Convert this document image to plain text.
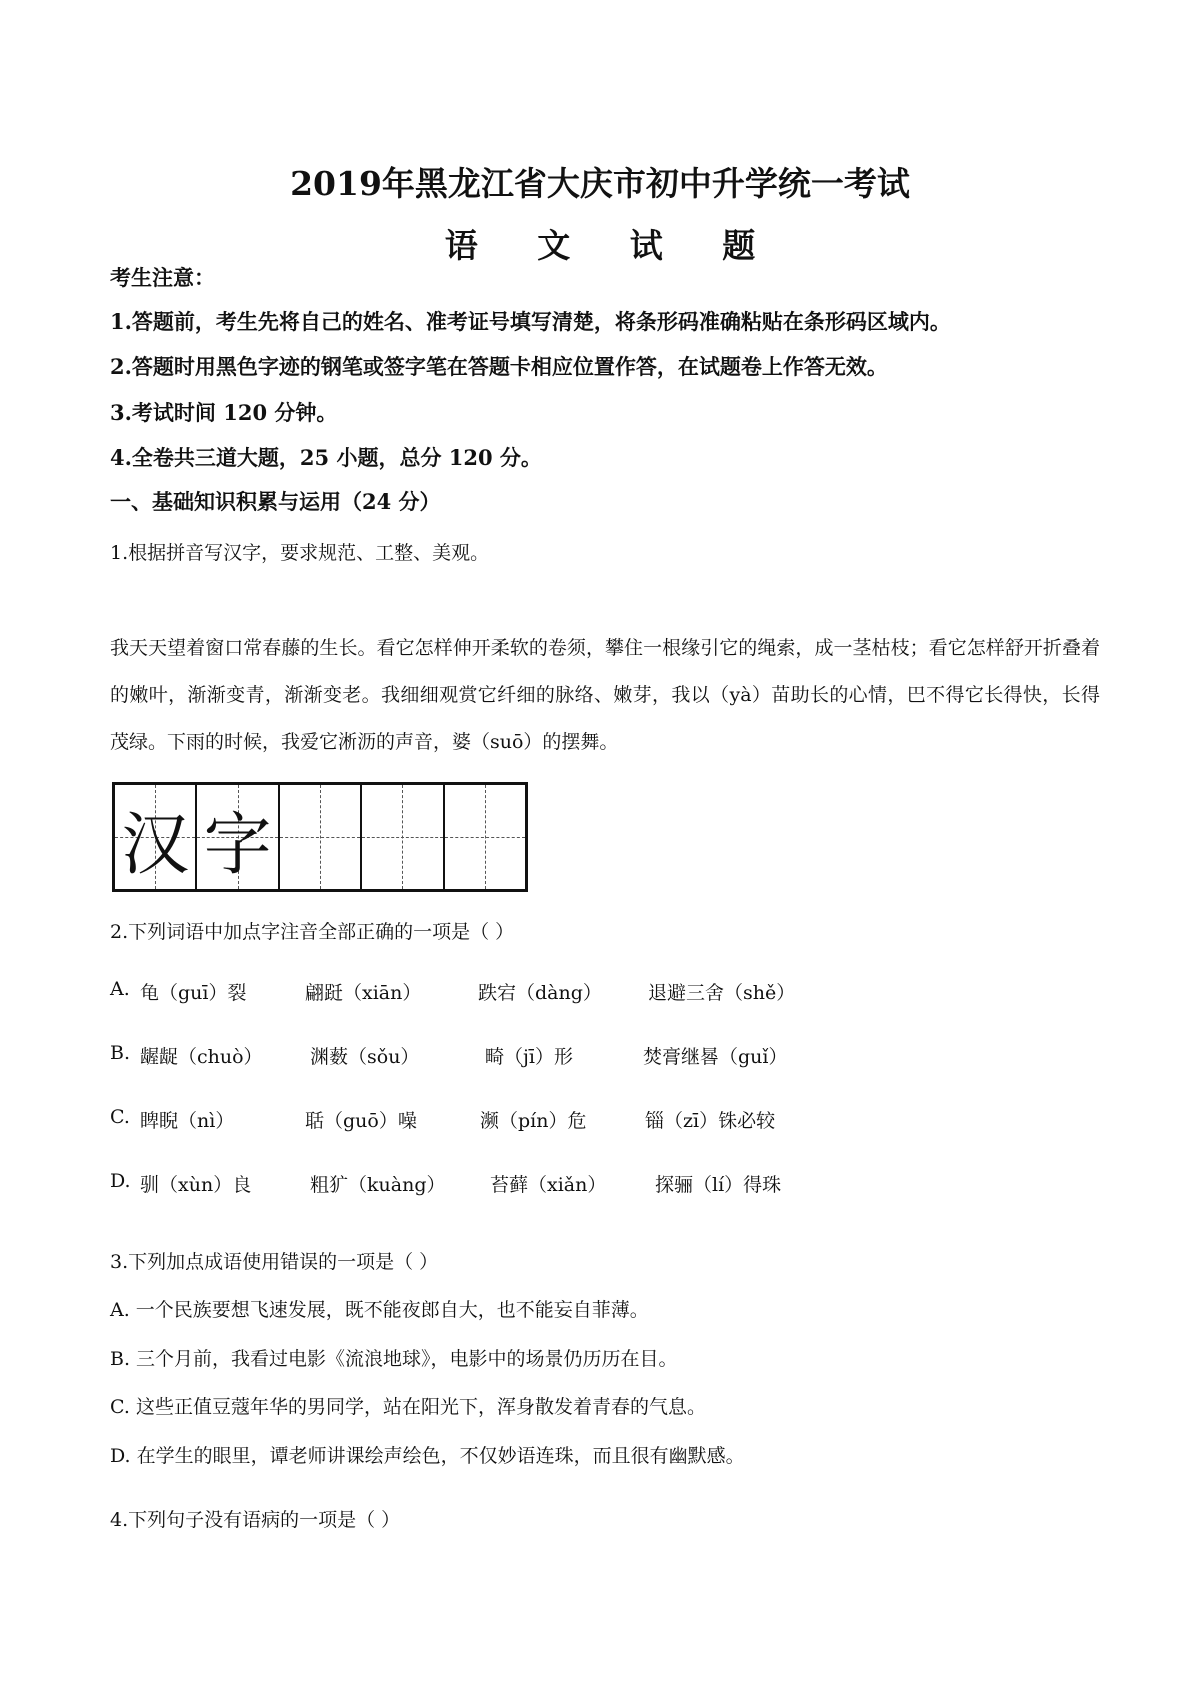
2019年黑龙江省大庆市初中升学统一考试
语 文 试 题
考生注意：
1.答题前，考生先将自己的姓名、准考证号填写清楚，将条形码准确粘贴在条形码区域内。
2.答题时用黑色字迹的钢笔或签字笔在答题卡相应位置作答，在试题卷上作答无效。
3.考试时间 120 分钟。
4.全卷共三道大题，25 小题，总分 120 分。
一、基础知识积累与运用（24 分）
1.根据拼音写汉字，要求规范、工整、美观。
我天天望着窗口常春藤的生长。看它怎样伸开柔软的卷须，攀住一根缘引它的绳索，成一茎枯枝；看它怎样舒开折叠着的嫩叶，渐渐变青，渐渐变老。我细细观赏它纤细的脉络、嫩芽，我以（yà）苗助长的心情，巴不得它长得快，长得茂绿。下雨的时候，我爱它淅沥的声音，婆（suō）的摆舞。
汉 字
2.下列词语中加点字注音全部正确的一项是（ ）
A. 龟（guī）裂	翩跹（xiān）	跌宕（dàng） 退避三舍（shě）
B. 龌龊（chuò） 渊薮（sǒu）	畸（jī）形	焚膏继晷（guǐ）
C. 睥睨（nì）	聒（guō）噪	濒（pín）危	锱（zī）铢必较
D. 驯（xùn）良	粗犷（kuàng） 苔藓（xiǎn）	探骊（lí）得珠
3.下列加点成语使用错误的一项是（ ）
A. 一个民族要想飞速发展，既不能夜郎自大，也不能妄自菲薄。
B. 三个月前，我看过电影《流浪地球》，电影中的场景仍历历在目。
C. 这些正值豆蔻年华的男同学，站在阳光下，浑身散发着青春的气息。
D. 在学生的眼里，谭老师讲课绘声绘色，不仅妙语连珠，而且很有幽默感。
4.下列句子没有语病的一项是（ ）
